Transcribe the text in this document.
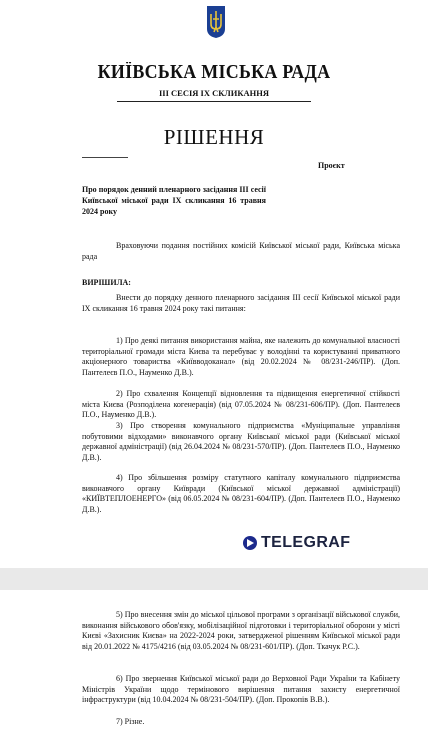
КИЇВСЬКА МІСЬКА РАДА
ІІІ СЕСІЯ ІХ СКЛИКАННЯ
РІШЕННЯ
Проєкт
Про порядок денний пленарного засідання ІІІ сесії Київської міської ради ІХ скликання 16 травня 2024 року
Враховуючи подання постійних комісій Київської міської ради, Київська міська рада
ВИРІШИЛА:
Внести до порядку денного пленарного засідання ІІІ сесії Київської міської ради ІХ скликання 16 травня 2024 року такі питання:
1) Про деякі питання використання майна, яке належить до комунальної власності територіальної громади міста Києва та перебуває у володінні та користуванні приватного акціонерного товариства «Київводоканал» (від 20.02.2024 № 08/231-246/ПР). (Доп. Пантелеєв П.О., Науменко Д.В.).
2) Про схвалення Концепції відновлення та підвищення енергетичної стійкості міста Києва (Розподілена когенерація) (від 07.05.2024 № 08/231-606/ПР). (Доп. Пантелеєв П.О., Науменко Д.В.).
3) Про створення комунального підприємства «Муніципальне управління побутовими відходами» виконавчого органу Київської міської ради (Київської міської державної адміністрації) (від 26.04.2024 № 08/231-570/ПР). (Доп. Пантелеєв П.О., Науменко Д.В.).
4) Про збільшення розміру статутного капіталу комунального підприємства виконавчого органу Київради (Київської міської державної адміністрації) «КИЇВТЕПЛОЕНЕРГО» (від 06.05.2024 № 08/231-604/ПР). (Доп. Пантелеєв П.О., Науменко Д.В.).
TELEGRAF
5) Про внесення змін до міської цільової програми з організації військової служби, виконання військового обов'язку, мобілізаційної підготовки і територіальної оборони у місті Києві «Захисник Києва» на 2022-2024 роки, затвердженої рішенням Київської міської ради від 20.01.2022 № 4175/4216 (від 03.05.2024 № 08/231-601/ПР). (Доп. Ткачук Р.С.).
6) Про звернення Київської міської ради до Верховної Ради України та Кабінету Міністрів України щодо термінового вирішення питання захисту енергетичної інфраструктури (від 10.04.2024 № 08/231-504/ПР). (Доп. Прокопів В.В.).
7) Різне.
